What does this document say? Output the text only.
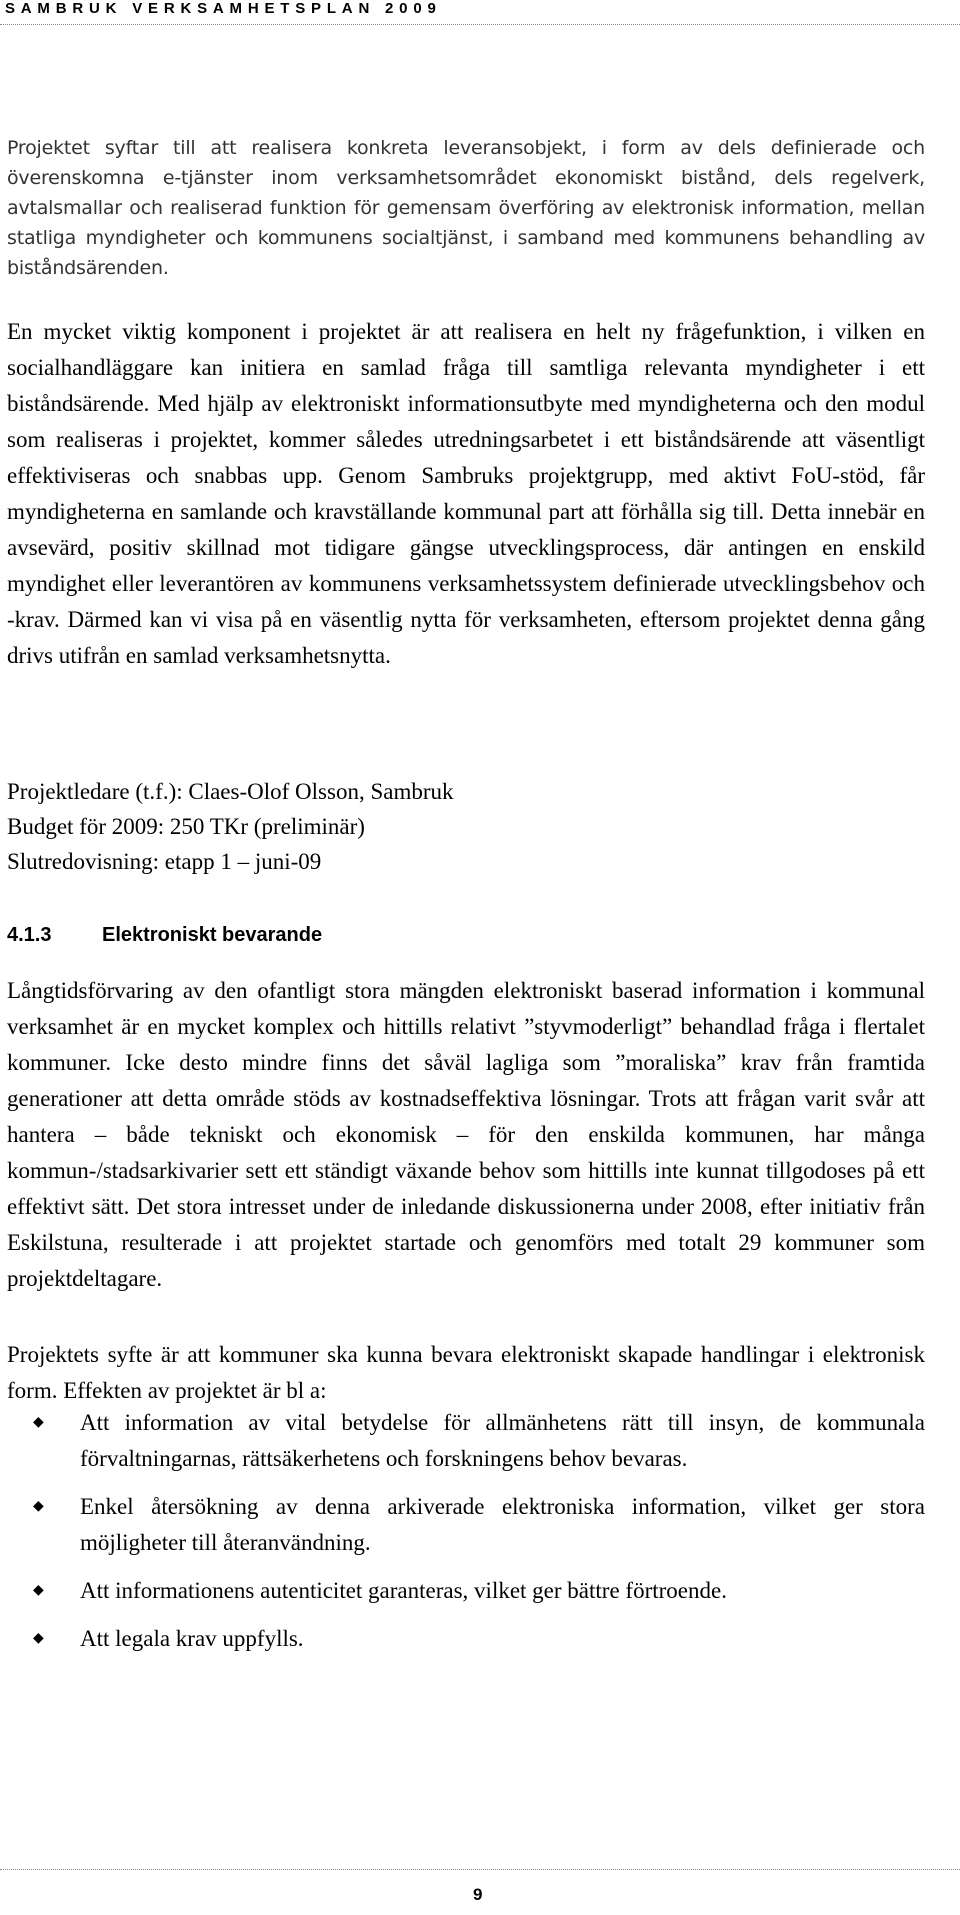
SAMBRUK VERKSAMHETSPLAN 2009

Projektet syftar till att realisera konkreta leveransobjekt, i form av dels definierade och överenskomna e-tjänster inom verksamhetsområdet ekonomiskt bistånd, dels regelverk, avtalsmallar och realiserad funktion för gemensam överföring av elektronisk information, mellan statliga myndigheter och kommunens socialtjänst, i samband med kommunens behandling av biståndsärenden.

En mycket viktig komponent i projektet är att realisera en helt ny frågefunktion, i vilken en socialhandläggare kan initiera en samlad fråga till samtliga relevanta myndigheter i ett biståndsärende. Med hjälp av elektroniskt informationsutbyte med myndigheterna och den modul som realiseras i projektet, kommer således utredningsarbetet i ett biståndsärende att väsentligt effektiviseras och snabbas upp. Genom Sambruks projektgrupp, med aktivt FoU-stöd, får myndigheterna en samlande och kravställande kommunal part att förhålla sig till. Detta innebär en avsevärd, positiv skillnad mot tidigare gängse utvecklingsprocess, där antingen en enskild myndighet eller leverantören av kommunens verksamhetssystem definierade utvecklingsbehov och -krav. Därmed kan vi visa på en väsentlig nytta för verksamheten, eftersom projektet denna gång drivs utifrån en samlad verksamhetsnytta.

Projektledare (t.f.): Claes-Olof Olsson, Sambruk

Budget för 2009: 250 TKr (preliminär)

Slutredovisning: etapp 1 – juni-09

4.1.3	Elektroniskt bevarande

Långtidsförvaring av den ofantligt stora mängden elektroniskt baserad information i kommunal verksamhet är en mycket komplex och hittills relativt ”styvmoderligt” behandlad fråga i flertalet kommuner. Icke desto mindre finns det såväl lagliga som ”moraliska” krav från framtida generationer att detta område stöds av kostnadseffektiva lösningar. Trots att frågan varit svår att hantera – både tekniskt och ekonomisk – för den enskilda kommunen, har många kommun-/stadsarkivarier sett ett ständigt växande behov som hittills inte kunnat tillgodoses på ett effektivt sätt. Det stora intresset under de inledande diskussionerna under 2008, efter initiativ från Eskilstuna, resulterade i att projektet startade och genomförs med totalt 29 kommuner som projektdeltagare.

Projektets syfte är att kommuner ska kunna bevara elektroniskt skapade handlingar i elektronisk form. Effekten av projektet är bl a:

◆ Att information av vital betydelse för allmänhetens rätt till insyn, de kommunala förvaltningarnas, rättsäkerhetens och forskningens behov bevaras.
◆ Enkel återsökning av denna arkiverade elektroniska information, vilket ger stora möjligheter till återanvändning.
◆ Att informationens autenticitet garanteras, vilket ger bättre förtroende.
◆ Att legala krav uppfylls.
9
